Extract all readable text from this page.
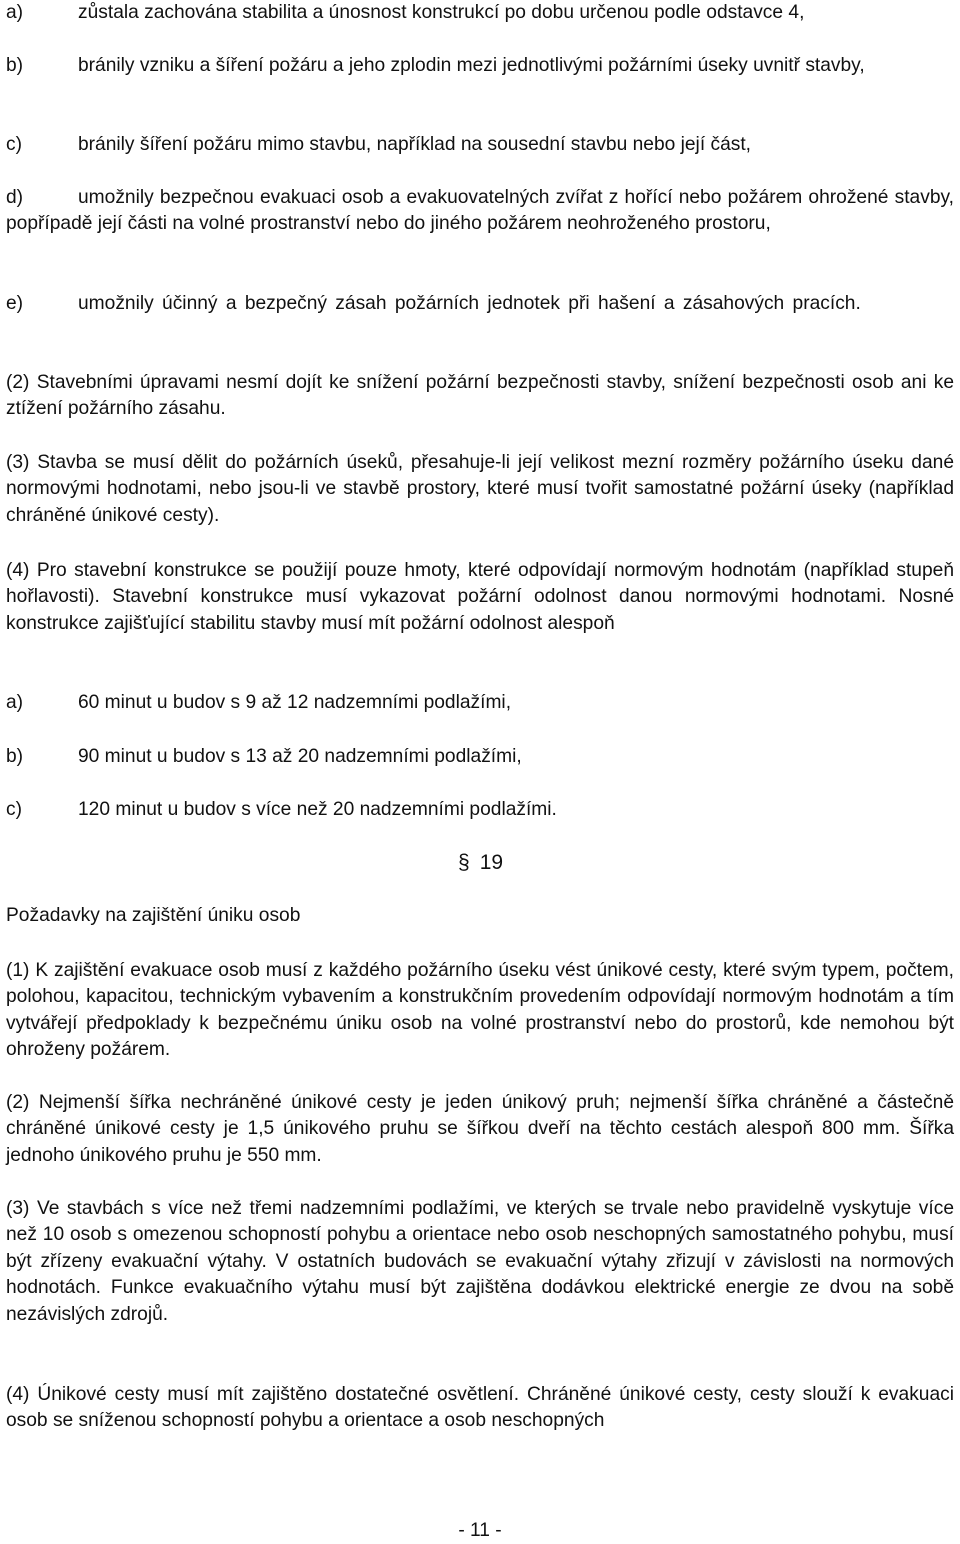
a)	zůstala zachována stabilita a únosnost konstrukcí po dobu určenou podle odstavce 4,

b)	bránily vzniku a šíření požáru a jeho zplodin mezi jednotlivými požárními úseky uvnitř stavby,

c)	bránily šíření požáru mimo stavbu, například na sousední stavbu nebo její část,

d)	umožnily bezpečnou evakuaci osob a evakuovatelných zvířat z hořící nebo požárem ohrožené stavby, popřípadě její části na volné prostranství nebo do jiného požárem neohroženého prostoru,

e)	umožnily účinný a bezpečný zásah požárních jednotek při hašení a zásahových pracích.

(2) Stavebními úpravami nesmí dojít ke snížení požární bezpečnosti stavby, snížení bezpečnosti osob ani ke ztížení požárního zásahu.

(3) Stavba se musí dělit do požárních úseků, přesahuje-li její velikost mezní rozměry požárního úseku dané normovými hodnotami, nebo jsou-li ve stavbě prostory, které musí tvořit samostatné požární úseky (například chráněné únikové cesty).

(4) Pro stavební konstrukce se použijí pouze hmoty, které odpovídají normovým hodnotám (například stupeň hořlavosti). Stavební konstrukce musí vykazovat požární odolnost danou normovými hodnotami. Nosné konstrukce zajišťující stabilitu stavby musí mít požární odolnost alespoň

a)	60 minut u budov s 9 až 12 nadzemními podlažími,
b)	90 minut u budov s 13 až 20 nadzemními podlažími,
c)	120 minut u budov s více než 20 nadzemními podlažími.
§ 19
Požadavky na zajištění úniku osob

(1) K zajištění evakuace osob musí z každého požárního úseku vést únikové cesty, které svým typem, počtem, polohou, kapacitou, technickým vybavením a konstrukčním provedením odpovídají normovým hodnotám a tím vytvářejí předpoklady k bezpečnému úniku osob na volné prostranství nebo do prostorů, kde nemohou být ohroženy požárem.

(2) Nejmenší šířka nechráněné únikové cesty je jeden únikový pruh; nejmenší šířka chráněné a částečně chráněné únikové cesty je 1,5 únikového pruhu se šířkou dveří na těchto cestách alespoň 800 mm. Šířka jednoho únikového pruhu je 550 mm.

(3) Ve stavbách s více než třemi nadzemními podlažími, ve kterých se trvale nebo pravidelně vyskytuje více než 10 osob s omezenou schopností pohybu a orientace nebo osob neschopných samostatného pohybu, musí být zřízeny evakuační výtahy. V ostatních budovách se evakuační výtahy zřizují v závislosti na normových hodnotách. Funkce evakuačního výtahu musí být zajištěna dodávkou elektrické energie ze dvou na sobě nezávislých zdrojů.

(4) Únikové cesty musí mít zajištěno dostatečné osvětlení. Chráněné únikové cesty, cesty slouží k evakuaci osob se sníženou schopností pohybu a orientace a osob neschopných

- 11 -
